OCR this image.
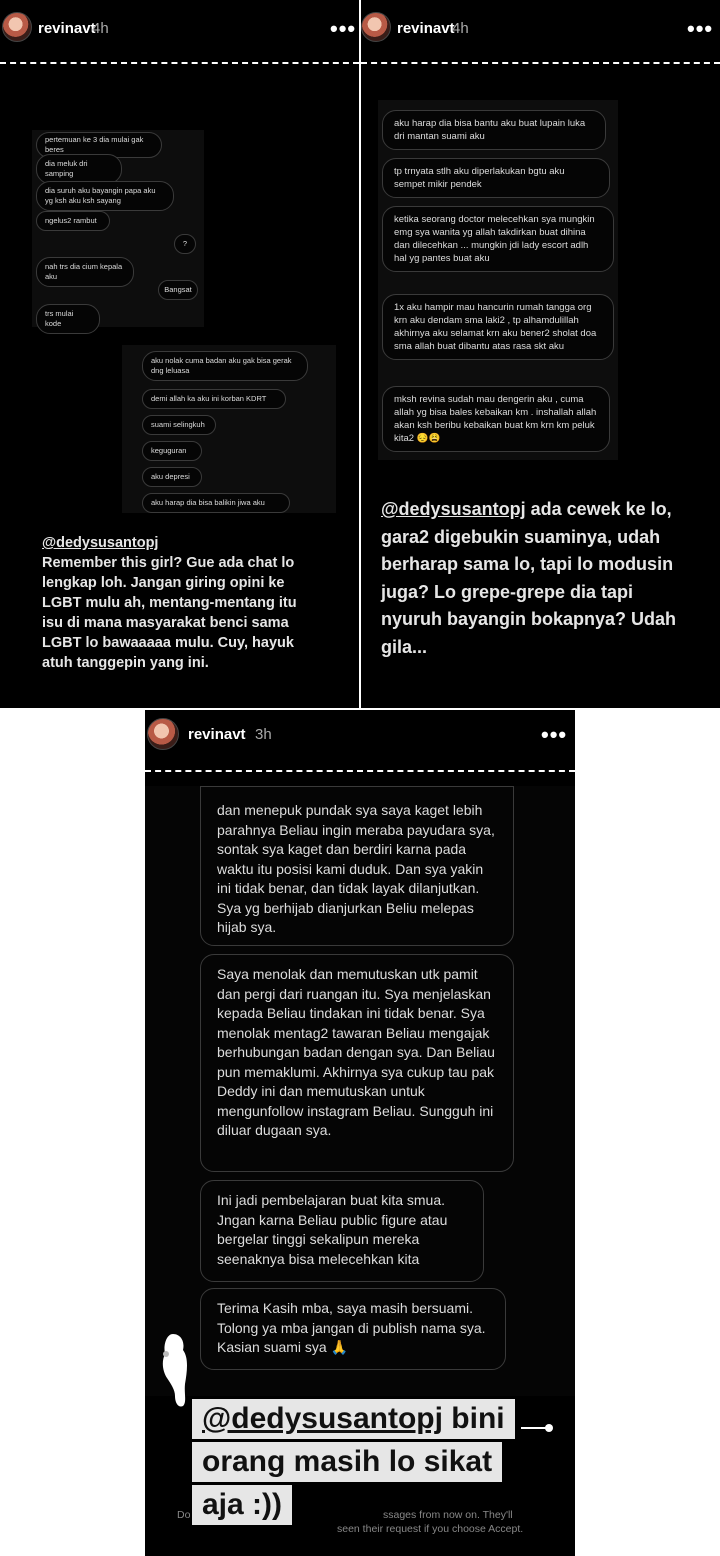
revinavt
4h	•••
pertemuan ke 3 dia mulai gak beres
dia meluk dri samping
dia suruh aku bayangin papa aku yg ksh aku ksh sayang
ngelus2 rambut
?
nah trs dia cium kepala aku
Bangsat
trs mulai kode
aku nolak cuma badan aku gak bisa gerak dng leluasa
demi allah ka aku ini korban KDRT
suami selingkuh
keguguran
aku depresi
aku harap dia bisa balikin jiwa aku
@dedysusantopj
Remember this girl? Gue ada chat lo
lengkap loh. Jangan giring opini ke
LGBT mulu ah, mentang-mentang itu
isu di mana masyarakat benci sama
LGBT lo bawaaaaa mulu. Cuy, hayuk
atuh tanggepin yang ini.
revinavt
4h	•••
aku harap dia bisa bantu aku buat lupain luka dri mantan suami aku
tp trnyata stlh aku diperlakukan bgtu aku sempet mikir pendek
ketika seorang doctor melecehkan sya mungkin emg sya wanita yg allah takdirkan buat dihina dan dilecehkan ... mungkin jdi lady escort adlh hal yg pantes buat aku
1x aku hampir mau hancurin rumah tangga org krn aku dendam sma laki2 , tp alhamdulillah akhirnya aku selamat krn aku bener2 sholat doa sma allah buat dibantu atas rasa skt aku
mksh revina sudah mau dengerin aku , cuma allah yg bisa bales kebaikan km . inshallah allah akan ksh beribu kebaikan buat km krn km peluk kita2 😔😩
@dedysusantopj ada cewek ke lo,
gara2 digebukin suaminya, udah
berharap sama lo, tapi lo modusin
juga? Lo grepe-grepe dia tapi
nyuruh bayangin bokapnya? Udah
gila...
revinavt 3h	•••
dan menepuk pundak sya saya kaget lebih parahnya Beliau ingin meraba payudara sya, sontak sya kaget dan berdiri karna pada waktu itu posisi kami duduk. Dan sya yakin ini tidak benar, dan tidak layak dilanjutkan. Sya yg berhijab dianjurkan Beliu melepas hijab sya.
Saya menolak dan memutuskan utk pamit dan pergi dari ruangan itu. Sya menjelaskan kepada Beliau tindakan ini tidak benar. Sya menolak mentag2 tawaran Beliau mengajak berhubungan badan dengan sya. Dan Beliau pun memaklumi. Akhirnya sya cukup tau pak Deddy ini dan memutuskan untuk mengunfollow instagram Beliau. Sungguh ini diluar dugaan sya.
Ini jadi pembelajaran buat kita smua. Jngan karna Beliau public figure atau bergelar tinggi sekalipun mereka seenaknya bisa melecehkan kita
Terima Kasih mba, saya masih bersuami. Tolong ya mba jangan di publish nama sya. Kasian suami sya 🙏
Do	ssages from now on. They'll
seen their request if you choose Accept.
@dedysusantopj bini
orang masih lo sikat
aja :))
